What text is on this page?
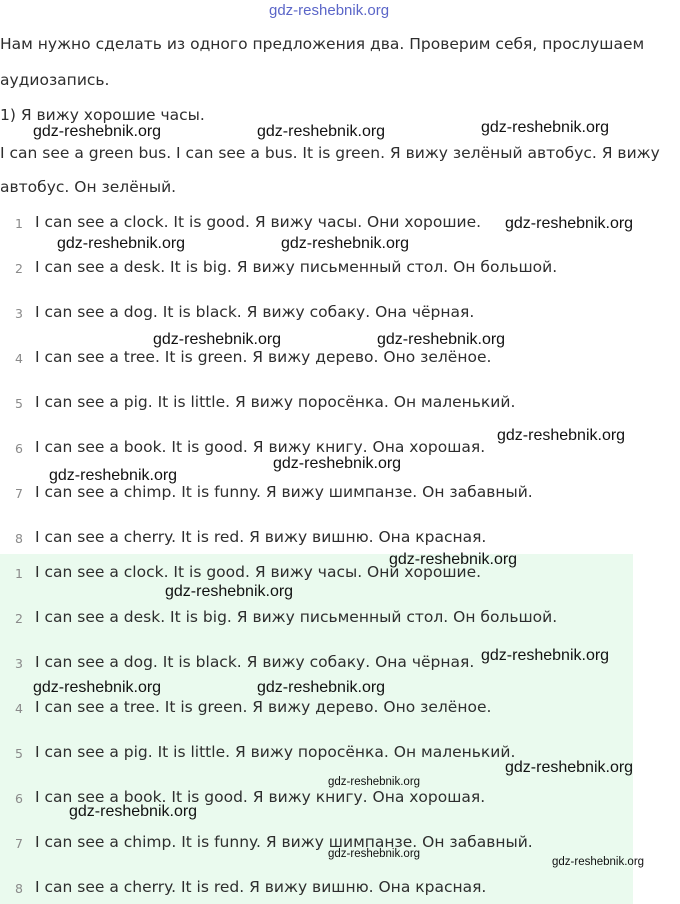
gdz-reshebnik.org
Нам нужно сделать из одного предложения два. Проверим себя, прослушаем
аудиозапись.
1) Я вижу хорошие часы.
I can see a green bus. I can see a bus. It is green. Я вижу зелёный автобус. Я вижу
автобус. Он зелёный.
1 I can see a clock. It is good. Я вижу часы. Они хорошие.
2 I can see a desk. It is big. Я вижу письменный стол. Он большой.
3 I can see a dog. It is black. Я вижу собаку. Она чёрная.
4 I can see a tree. It is green. Я вижу дерево. Оно зелёное.
5 I can see a pig. It is little. Я вижу поросёнка. Он маленький.
6 I can see a book. It is good. Я вижу книгу. Она хорошая.
7 I can see a chimp. It is funny. Я вижу шимпанзе. Он забавный.
8 I can see a cherry. It is red. Я вижу вишню. Она красная.
1 I can see a clock. It is good. Я вижу часы. Они хорошие.
2 I can see a desk. It is big. Я вижу письменный стол. Он большой.
3 I can see a dog. It is black. Я вижу собаку. Она чёрная.
4 I can see a tree. It is green. Я вижу дерево. Оно зелёное.
5 I can see a pig. It is little. Я вижу поросёнка. Он маленький.
6 I can see a book. It is good. Я вижу книгу. Она хорошая.
7 I can see a chimp. It is funny. Я вижу шимпанзе. Он забавный.
8 I can see a cherry. It is red. Я вижу вишню. Она красная.
gdz-reshebnik.org	gdz-reshebnik.org	gdz-reshebnik.org
gdz-reshebnik.org
gdz-reshebnik.org	gdz-reshebnik.org
gdz-reshebnik.org	gdz-reshebnik.org
gdz-reshebnik.org
gdz-reshebnik.org
gdz-reshebnik.org
gdz-reshebnik.org
gdz-reshebnik.org
gdz-reshebnik.org
gdz-reshebnik.org	gdz-reshebnik.org
gdz-reshebnik.org
gdz-reshebnik.org
gdz-reshebnik.org
gdz-reshebnik.org
gdz-reshebnik.org
